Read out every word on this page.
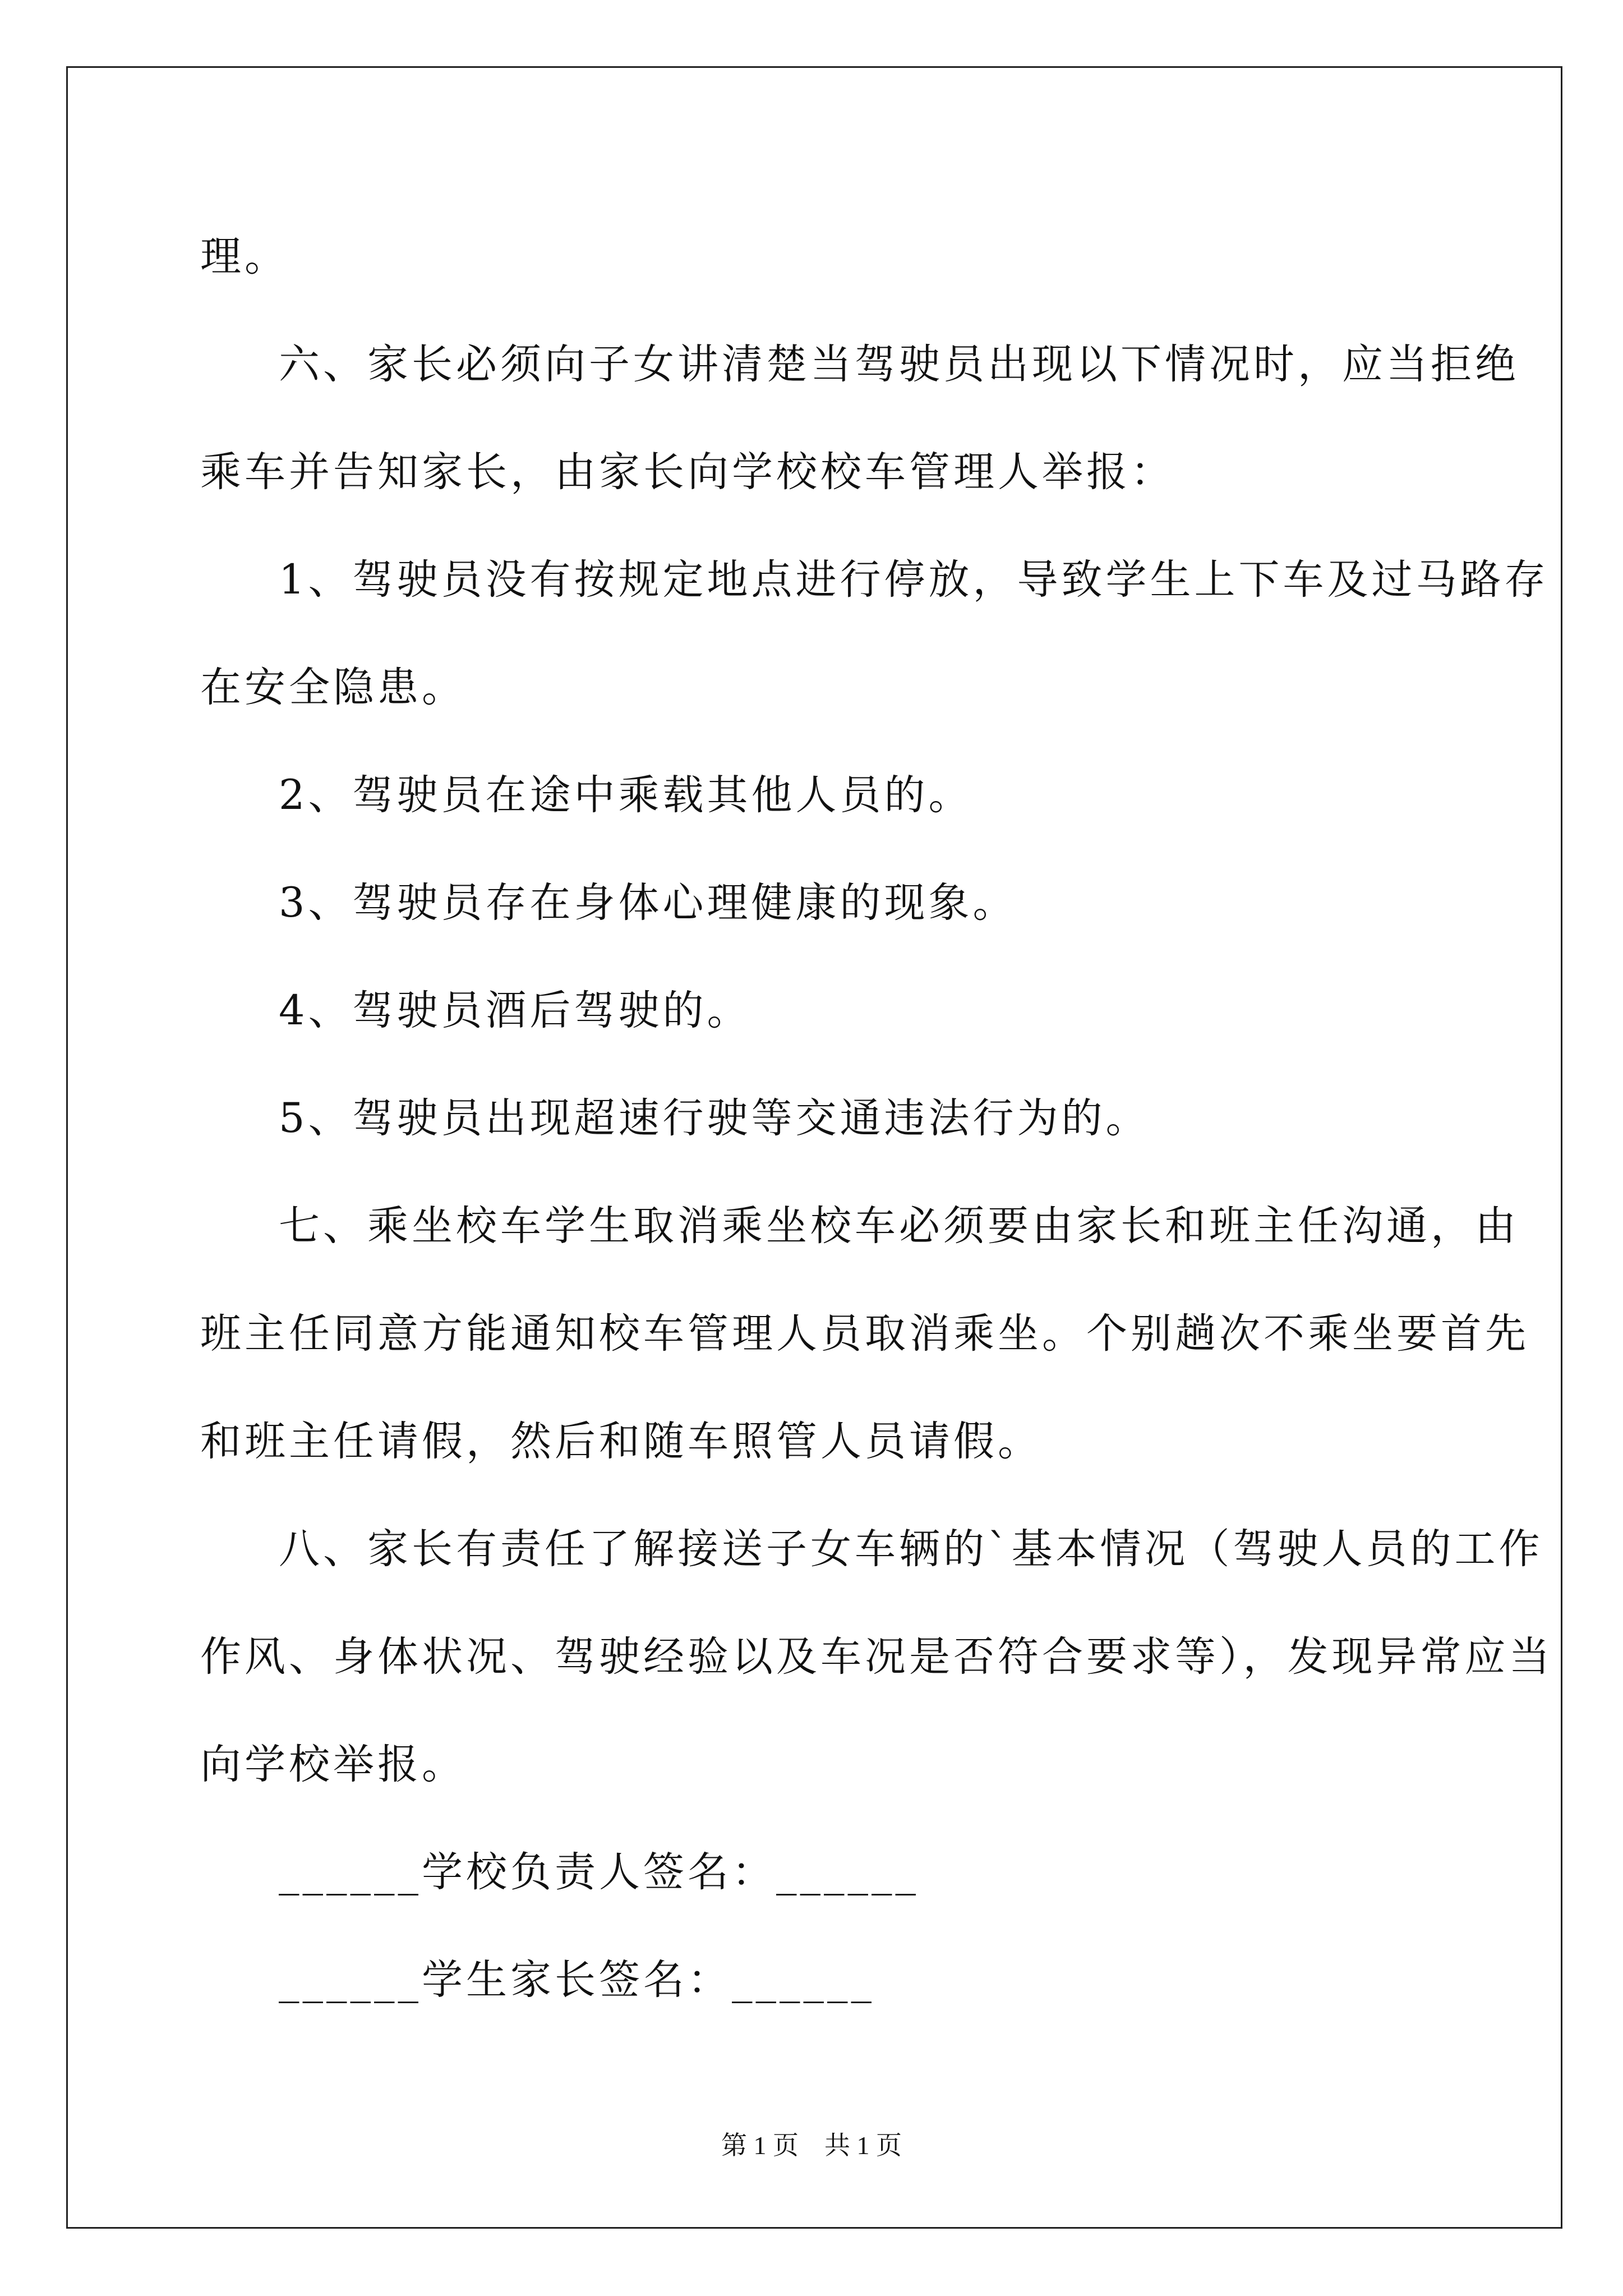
理。
六、家长必须向子女讲清楚当驾驶员出现以下情况时，应当拒绝
乘车并告知家长，由家长向学校校车管理人举报：
1、驾驶员没有按规定地点进行停放，导致学生上下车及过马路存
在安全隐患。
2、驾驶员在途中乘载其他人员的。
3、驾驶员存在身体心理健康的现象。
4、驾驶员酒后驾驶的。
5、驾驶员出现超速行驶等交通违法行为的。
七、乘坐校车学生取消乘坐校车必须要由家长和班主任沟通，由
班主任同意方能通知校车管理人员取消乘坐。个别趟次不乘坐要首先
和班主任请假，然后和随车照管人员请假。
八、家长有责任了解接送子女车辆的`基本情况（驾驶人员的工作
作风、身体状况、驾驶经验以及车况是否符合要求等），发现异常应当
向学校举报。
______学校负责人签名：______
______学生家长签名：______
第 1 页    共 1 页
